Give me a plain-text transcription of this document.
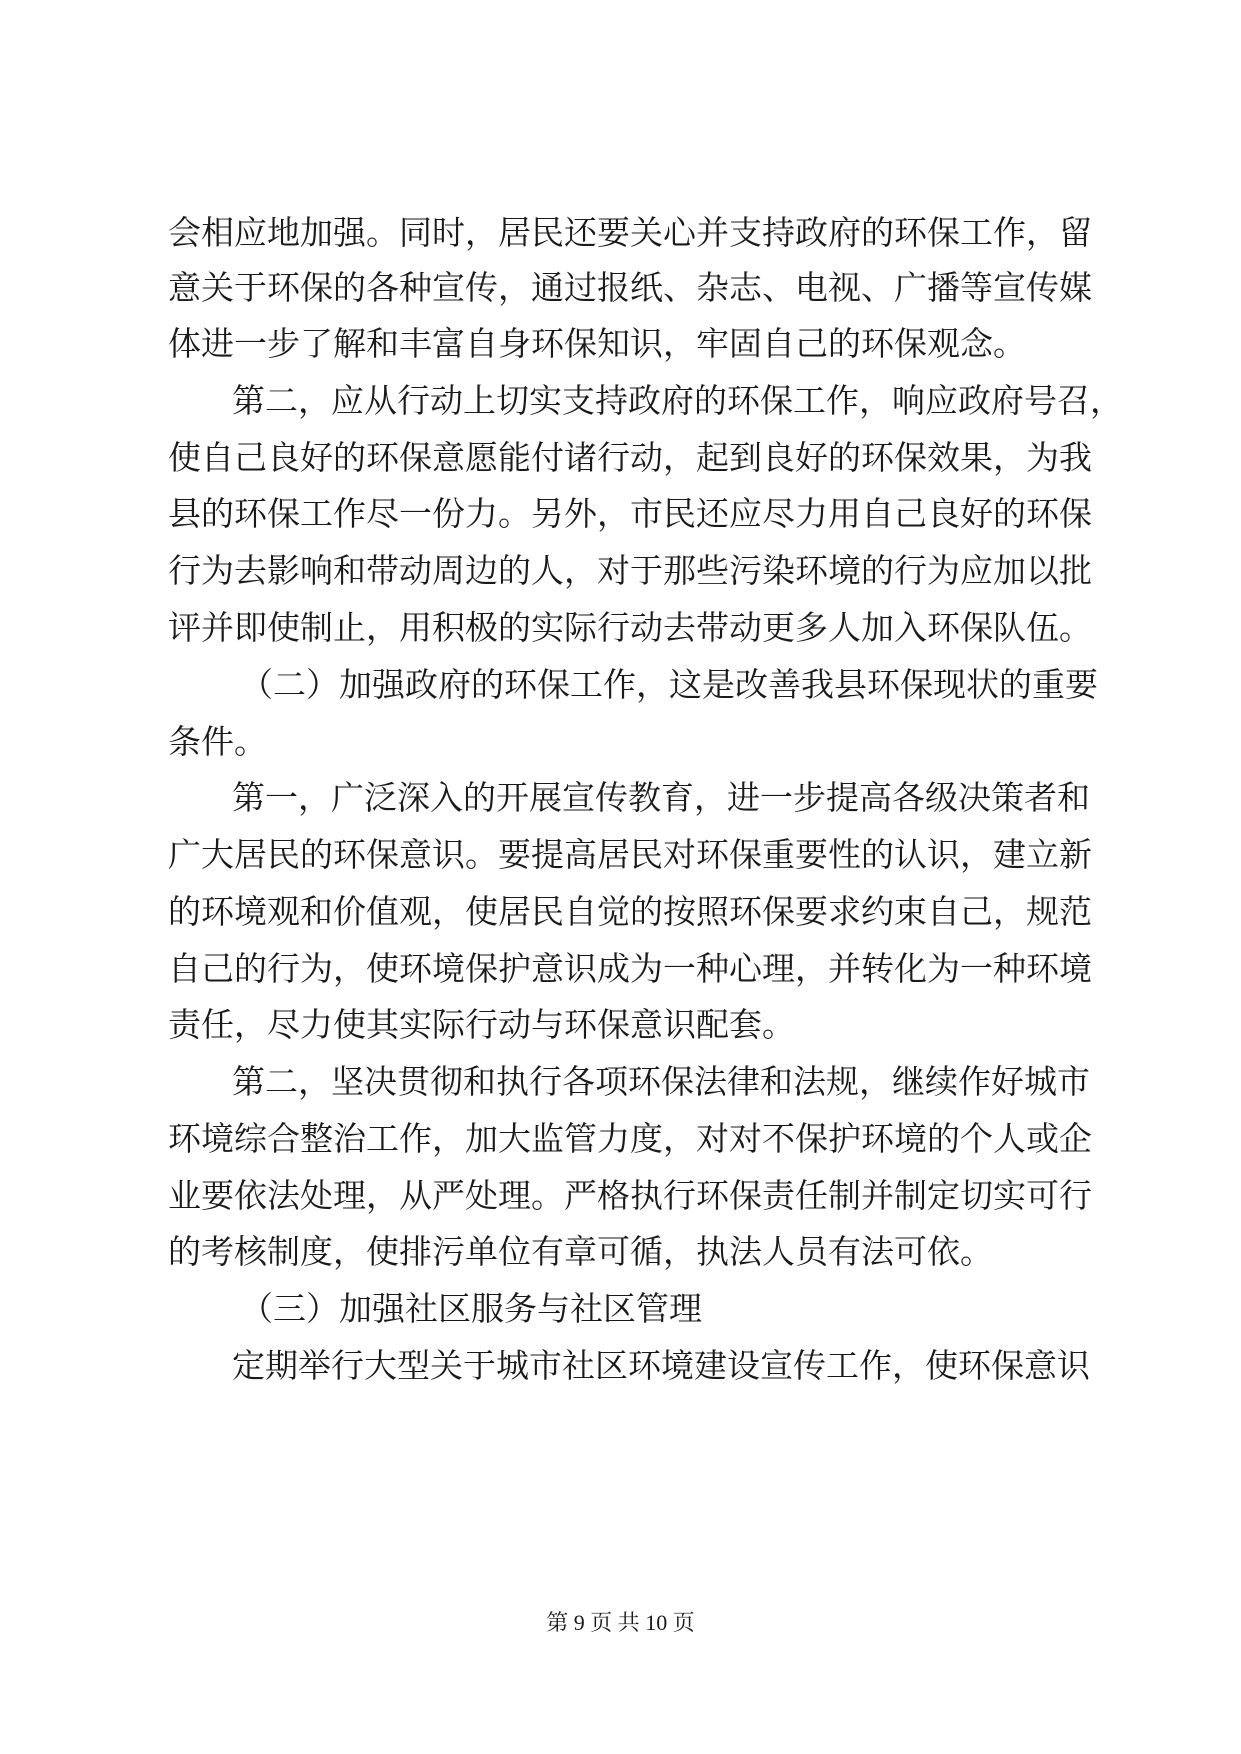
会相应地加强。同时，居民还要关心并支持政府的环保工作，留
意关于环保的各种宣传，通过报纸、杂志、电视、广播等宣传媒
体进一步了解和丰富自身环保知识，牢固自己的环保观念。
第二，应从行动上切实支持政府的环保工作，响应政府号召，
使自己良好的环保意愿能付诸行动，起到良好的环保效果，为我
县的环保工作尽一份力。另外，市民还应尽力用自己良好的环保
行为去影响和带动周边的人，对于那些污染环境的行为应加以批
评并即使制止，用积极的实际行动去带动更多人加入环保队伍。
（二）加强政府的环保工作，这是改善我县环保现状的重要
条件。
第一，广泛深入的开展宣传教育，进一步提高各级决策者和
广大居民的环保意识。要提高居民对环保重要性的认识，建立新
的环境观和价值观，使居民自觉的按照环保要求约束自己，规范
自己的行为，使环境保护意识成为一种心理，并转化为一种环境
责任，尽力使其实际行动与环保意识配套。
第二，坚决贯彻和执行各项环保法律和法规，继续作好城市
环境综合整治工作，加大监管力度，对对不保护环境的个人或企
业要依法处理，从严处理。严格执行环保责任制并制定切实可行
的考核制度，使排污单位有章可循，执法人员有法可依。
（三）加强社区服务与社区管理
定期举行大型关于城市社区环境建设宣传工作，使环保意识
第 9 页 共 10 页
